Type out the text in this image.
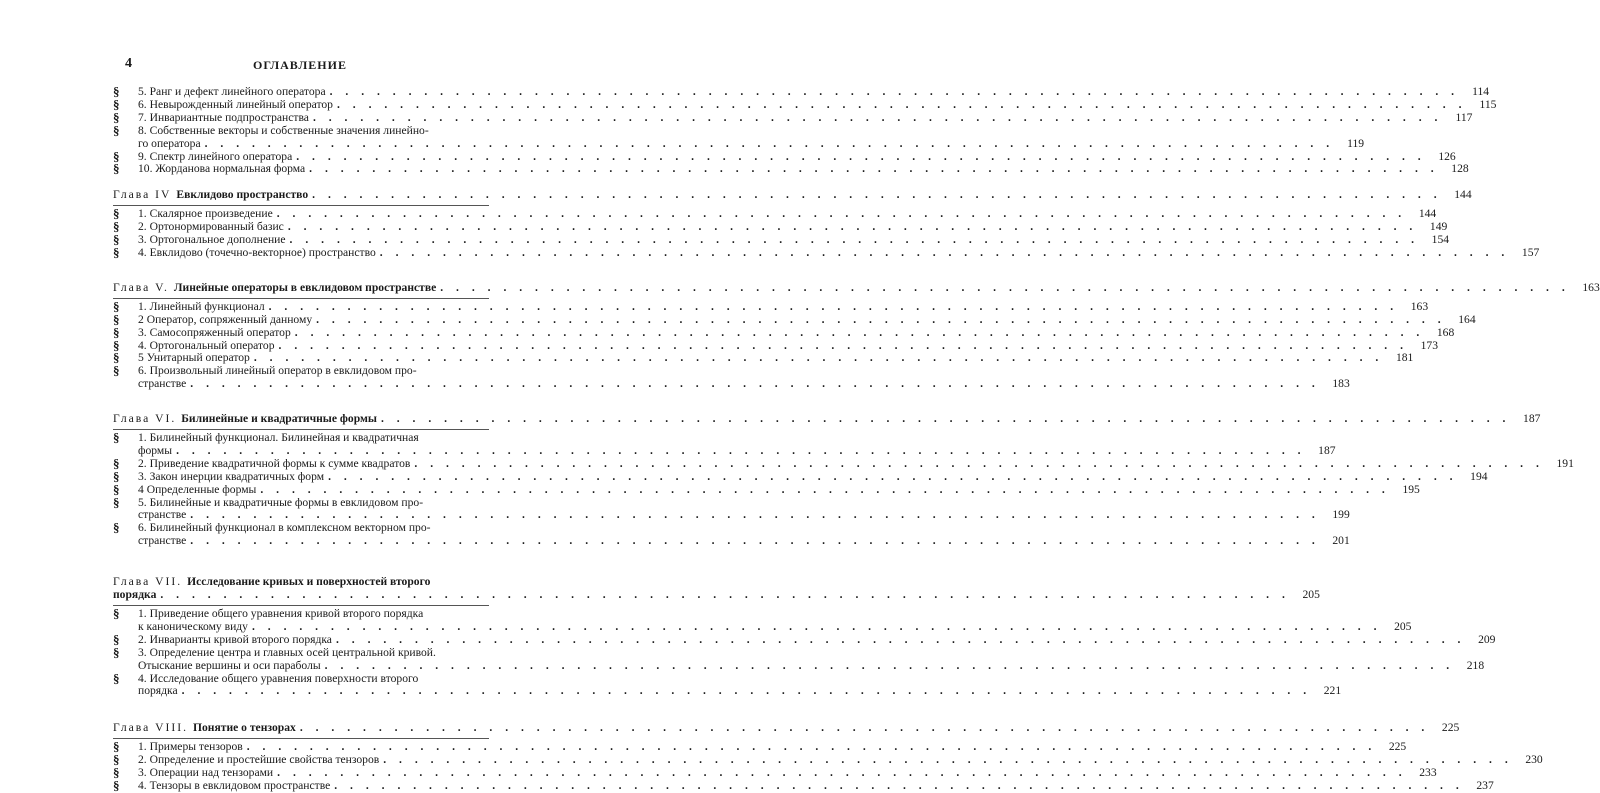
4	ОГЛАВЛЕНИЕ
§	5. Ранг и дефект линейного оператора . . .	114
§	6. Невырожденный линейный оператор . . .	115
§	7. Инвариантные подпространства . . .	117
§	8. Собственные векторы и собственные значения линейно-
го оператора . . .	119
§	9. Спектр линейного оператора . . .	126
§	10. Жорданова нормальная форма . . .	128
Глава IV Евклидово пространство . . .	144
§	1. Скалярное произведение . . .	144
§	2. Ортонормированный базис . . .	149
§	3. Ортогональное дополнение . . .	154
§	4. Евклидово (точечно-векторное) пространство . . .	157
Глава V. Линейные операторы в евклидовом пространстве . . .	163
§	1. Линейный функционал . . .	163
§	2 Оператор, сопряженный данному . . .	164
§	3. Самосопряженный оператор . . .	168
§	4. Ортогональный оператор . . .	173
§	5 Унитарный оператор . . .	181
§	6. Произвольный линейный оператор в евклидовом про-
странстве . . .	183
Глава VI. Билинейные и квадратичные формы . . .	187
§	1. Билинейный функционал. Билинейная и квадратичная
формы . . .	187
§	2. Приведение квадратичной формы к сумме квадратов . . .	191
§	3. Закон инерции квадратичных форм . . .	194
§	4 Определенные формы . . .	195
§	5. Билинейные и квадратичные формы в евклидовом про-
странстве . . .	199
§	6. Билинейный функционал в комплексном векторном про-
странстве . . .	201
Глава VII. Исследование кривых и поверхностей второго
порядка . . .	205
§	1. Приведение общего уравнения кривой второго порядка
к каноническому виду . . .	205
§	2. Инварианты кривой второго порядка . . .	209
§	3. Определение центра и главных осей центральной кривой.
Отыскание вершины и оси параболы . . .	218
§	4. Исследование общего уравнения поверхности второго
порядка . . .	221
Глава VIII. Понятие о тензорах . . .	225
§	1. Примеры тензоров . . .	225
§	2. Определение и простейшие свойства тензоров . . .	230
§	3. Операции над тензорами . . .	233
§	4. Тензоры в евклидовом пространстве . . .	237
